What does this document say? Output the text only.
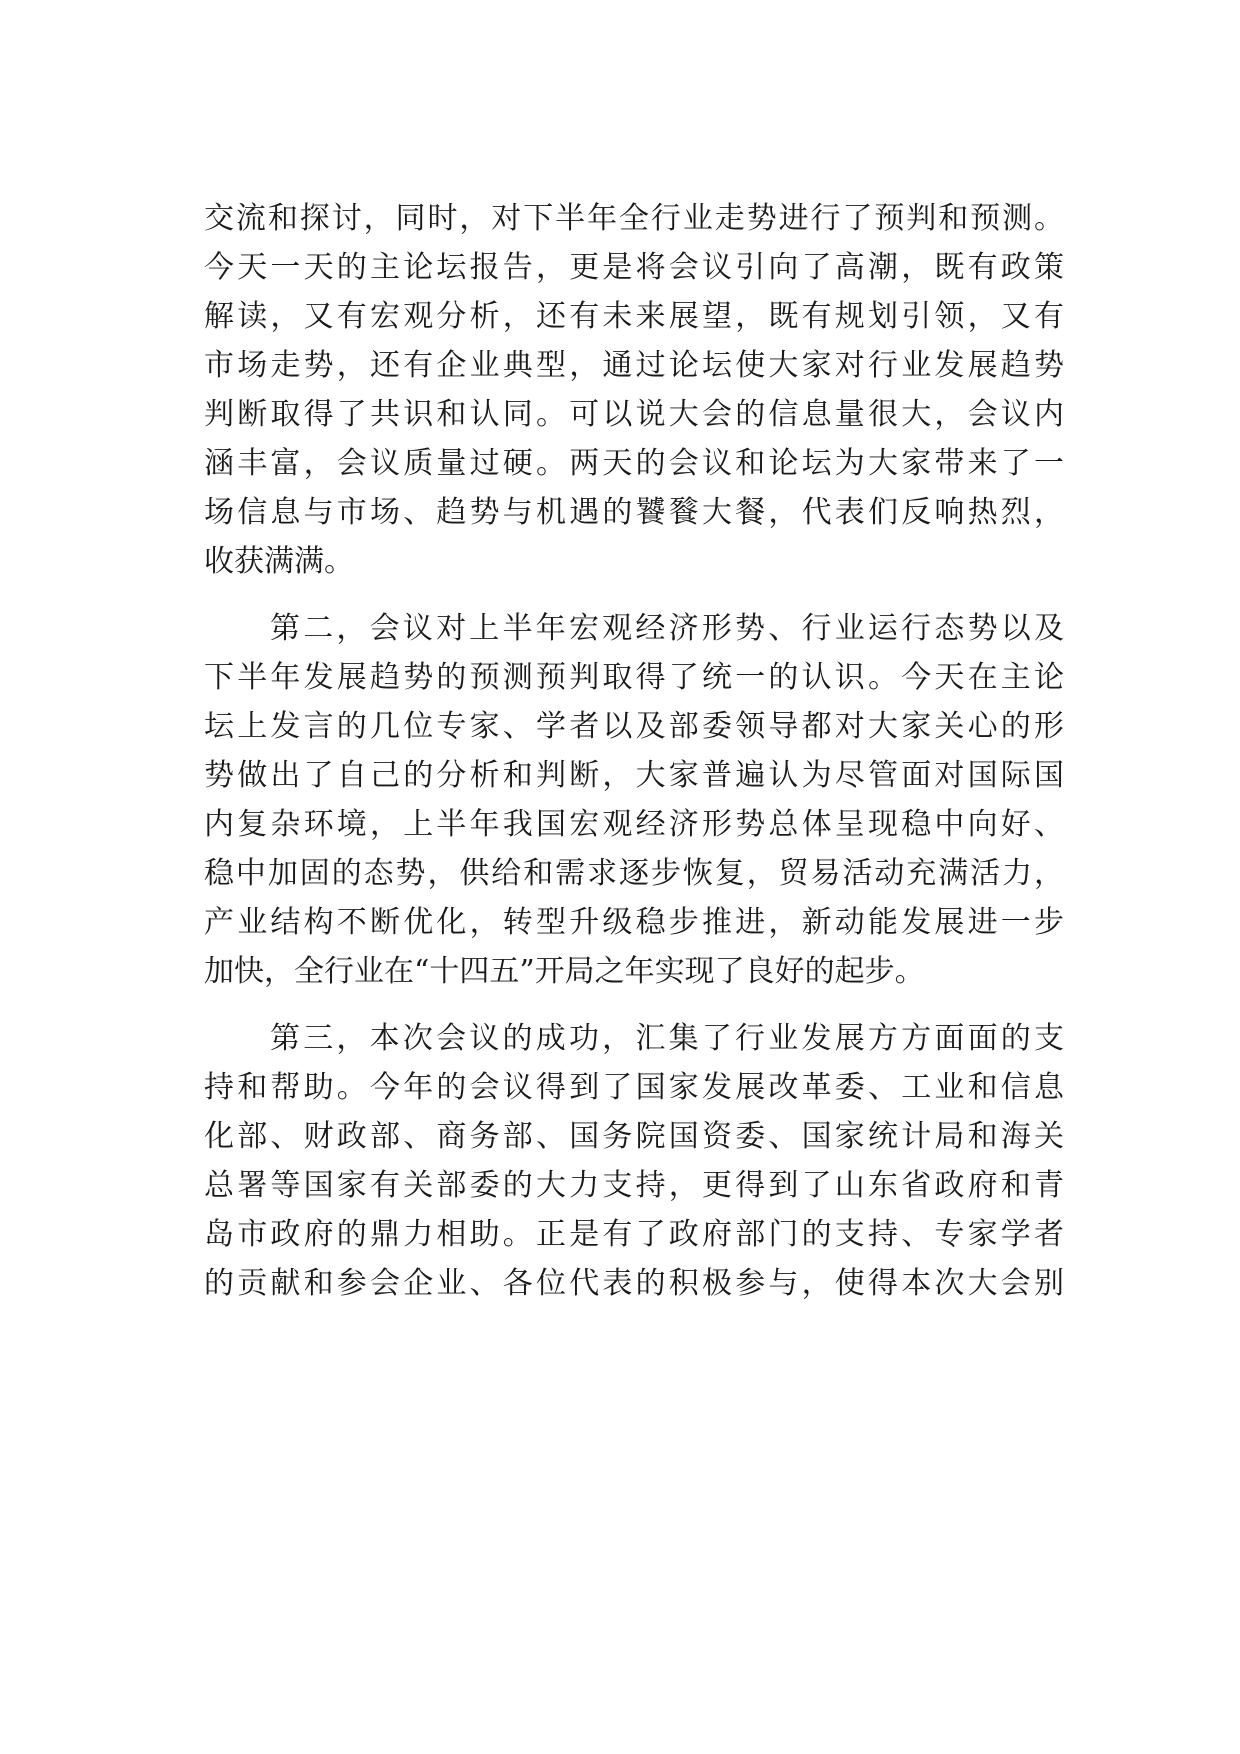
交流和探讨，同时，对下半年全行业走势进行了预判和预测。
今天一天的主论坛报告，更是将会议引向了高潮，既有政策
解读，又有宏观分析，还有未来展望，既有规划引领，又有
市场走势，还有企业典型，通过论坛使大家对行业发展趋势
判断取得了共识和认同。可以说大会的信息量很大，会议内
涵丰富，会议质量过硬。两天的会议和论坛为大家带来了一
场信息与市场、趋势与机遇的饕餮大餐，代表们反响热烈，
收获满满。
第二，会议对上半年宏观经济形势、行业运行态势以及
下半年发展趋势的预测预判取得了统一的认识。今天在主论
坛上发言的几位专家、学者以及部委领导都对大家关心的形
势做出了自己的分析和判断，大家普遍认为尽管面对国际国
内复杂环境，上半年我国宏观经济形势总体呈现稳中向好、
稳中加固的态势，供给和需求逐步恢复，贸易活动充满活力，
产业结构不断优化，转型升级稳步推进，新动能发展进一步
加快，全行业在“十四五”开局之年实现了良好的起步。
第三，本次会议的成功，汇集了行业发展方方面面的支
持和帮助。今年的会议得到了国家发展改革委、工业和信息
化部、财政部、商务部、国务院国资委、国家统计局和海关
总署等国家有关部委的大力支持，更得到了山东省政府和青
岛市政府的鼎力相助。正是有了政府部门的支持、专家学者
的贡献和参会企业、各位代表的积极参与，使得本次大会别
